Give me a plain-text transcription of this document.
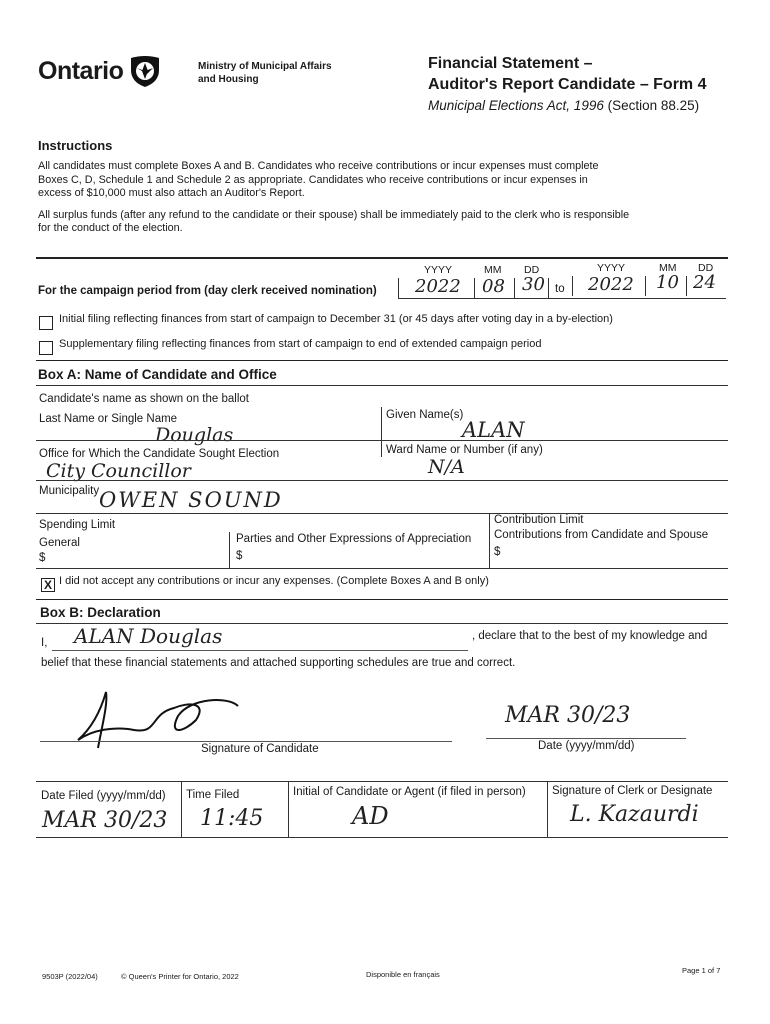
Ontario	Ministry of Municipal Affairs
and Housing
Financial Statement –
Auditor's Report Candidate – Form 4
Municipal Elections Act, 1996 (Section 88.25)
Instructions
All candidates must complete Boxes A and B. Candidates who receive contributions or incur expenses must complete
Boxes C, D, Schedule 1 and Schedule 2 as appropriate. Candidates who receive contributions or incur expenses in
excess of $10,000 must also attach an Auditor's Report.
All surplus funds (after any refund to the candidate or their spouse) shall be immediately paid to the clerk who is responsible
for the conduct of the election.
YYYY	MM DD	YYYY	MM DD
For the campaign period from (day clerk received nomination) 2022 08 30 to 2022 10 24
Initial filing reflecting finances from start of campaign to December 31 (or 45 days after voting day in a by-election)
Supplementary filing reflecting finances from start of campaign to end of extended campaign period
Box A: Name of Candidate and Office
Candidate's name as shown on the ballot
Last Name or Single Name
Douglas
Given Name(s)
ALAN
Office for Which the Candidate Sought Election
City Councillor
Ward Name or Number (if any)
N/A
Municipality OWEN SOUND
Spending Limit
General
$
Parties and Other Expressions of Appreciation
$
Contribution Limit
Contributions from Candidate and Spouse
$
X I did not accept any contributions or incur any expenses. (Complete Boxes A and B only)
Box B: Declaration
I, ALAN Douglas	, declare that to the best of my knowledge and
belief that these financial statements and attached supporting schedules are true and correct.
Signature of Candidate
MAR 30/23
Date (yyyy/mm/dd)
Date Filed (yyyy/mm/dd)
MAR 30/23
Time Filed
11:45
Initial of Candidate or Agent (if filed in person)
AD
Signature of Clerk or Designate
L. Kazaurdi
9503P (2022/04)	© Queen's Printer for Ontario, 2022	Disponible en français	Page 1 of 7
